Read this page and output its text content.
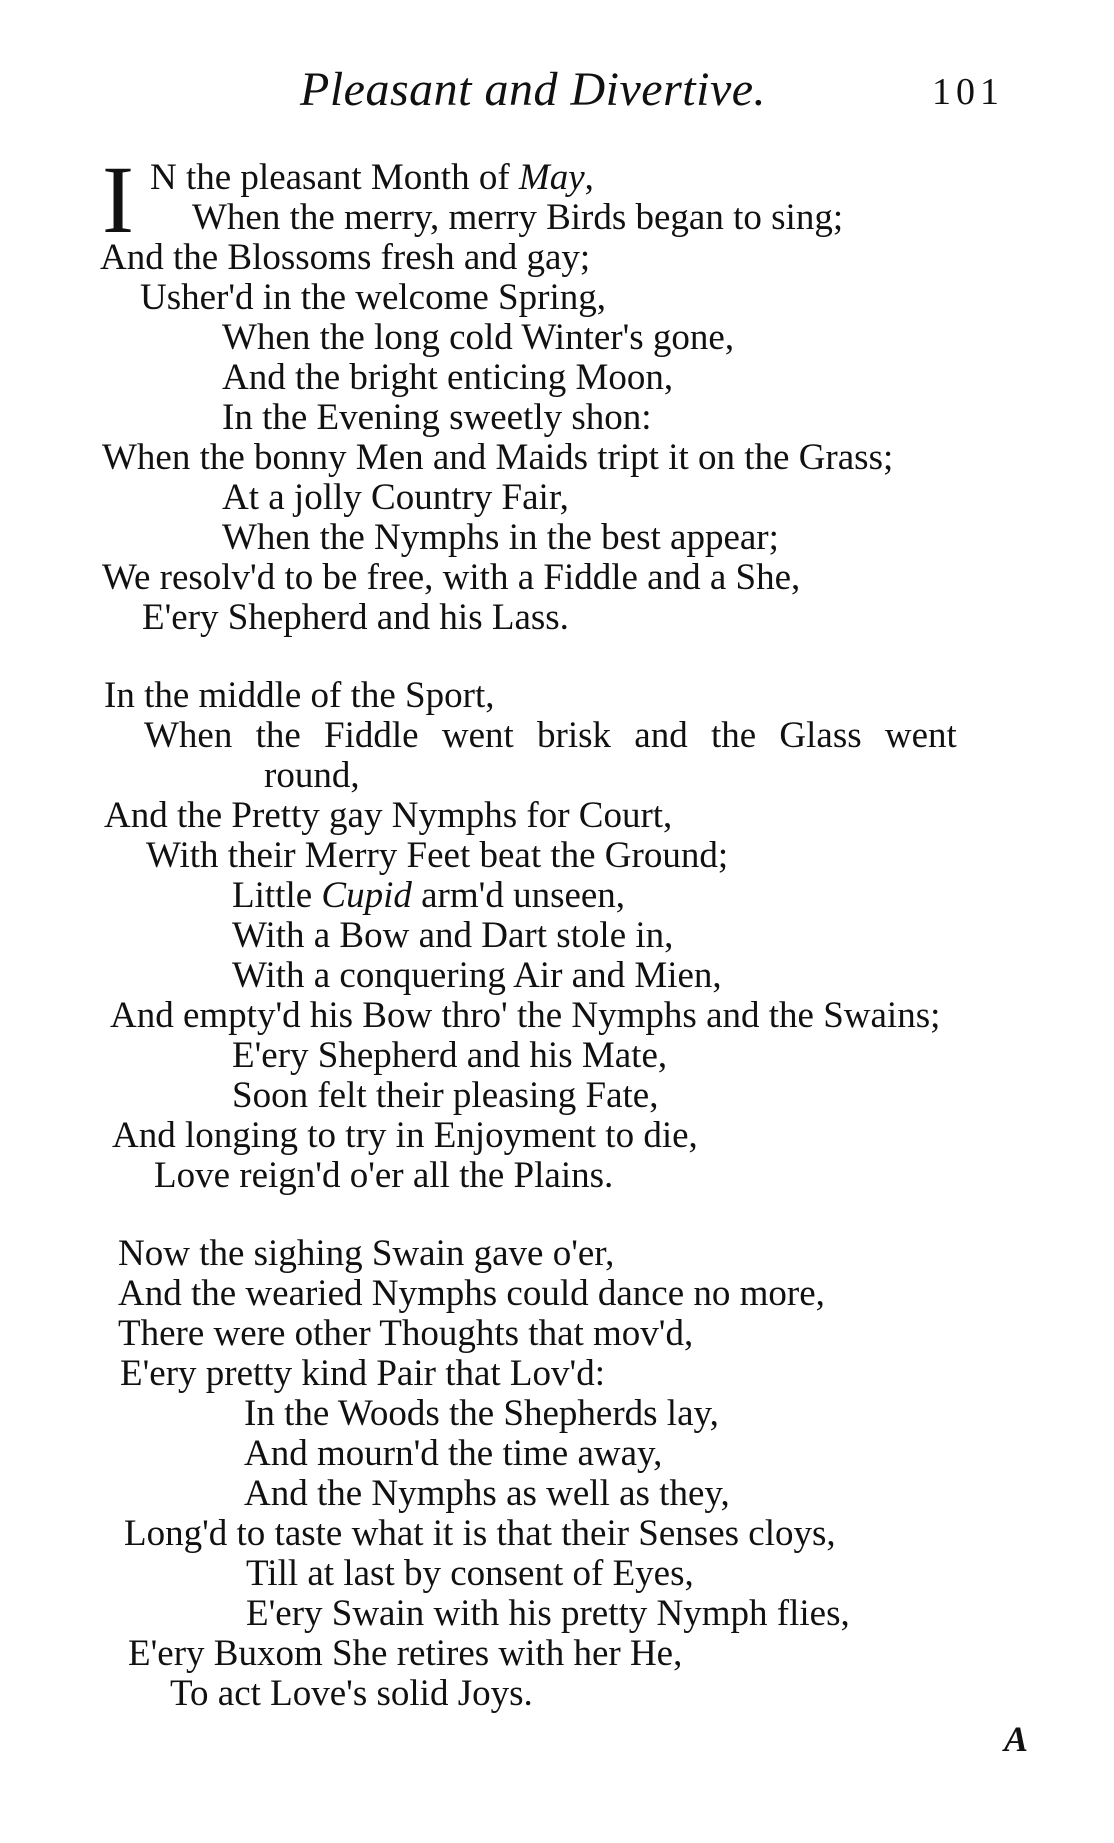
Pleasant and Divertive.	101
I N the pleasant Month of May,
When the merry, merry Birds began to sing;
And the Blossoms fresh and gay;
Usher'd in the welcome Spring,
When the long cold Winter's gone,
And the bright enticing Moon,
In the Evening sweetly shon:
When the bonny Men and Maids tript it on the Grass;
At a jolly Country Fair,
When the Nymphs in the best appear;
We resolv'd to be free, with a Fiddle and a She,
E'ery Shepherd and his Lass.
In the middle of the Sport,
When the Fiddle went brisk and the Glass went
round,
And the Pretty gay Nymphs for Court,
With their Merry Feet beat the Ground;
Little Cupid arm'd unseen,
With a Bow and Dart stole in,
With a conquering Air and Mien,
And empty'd his Bow thro' the Nymphs and the Swains;
E'ery Shepherd and his Mate,
Soon felt their pleasing Fate,
And longing to try in Enjoyment to die,
Love reign'd o'er all the Plains.
Now the sighing Swain gave o'er,
And the wearied Nymphs could dance no more,
There were other Thoughts that mov'd,
E'ery pretty kind Pair that Lov'd:
In the Woods the Shepherds lay,
And mourn'd the time away,
And the Nymphs as well as they,
Long'd to taste what it is that their Senses cloys,
Till at last by consent of Eyes,
E'ery Swain with his pretty Nymph flies,
E'ery Buxom She retires with her He,
To act Love's solid Joys.
A
